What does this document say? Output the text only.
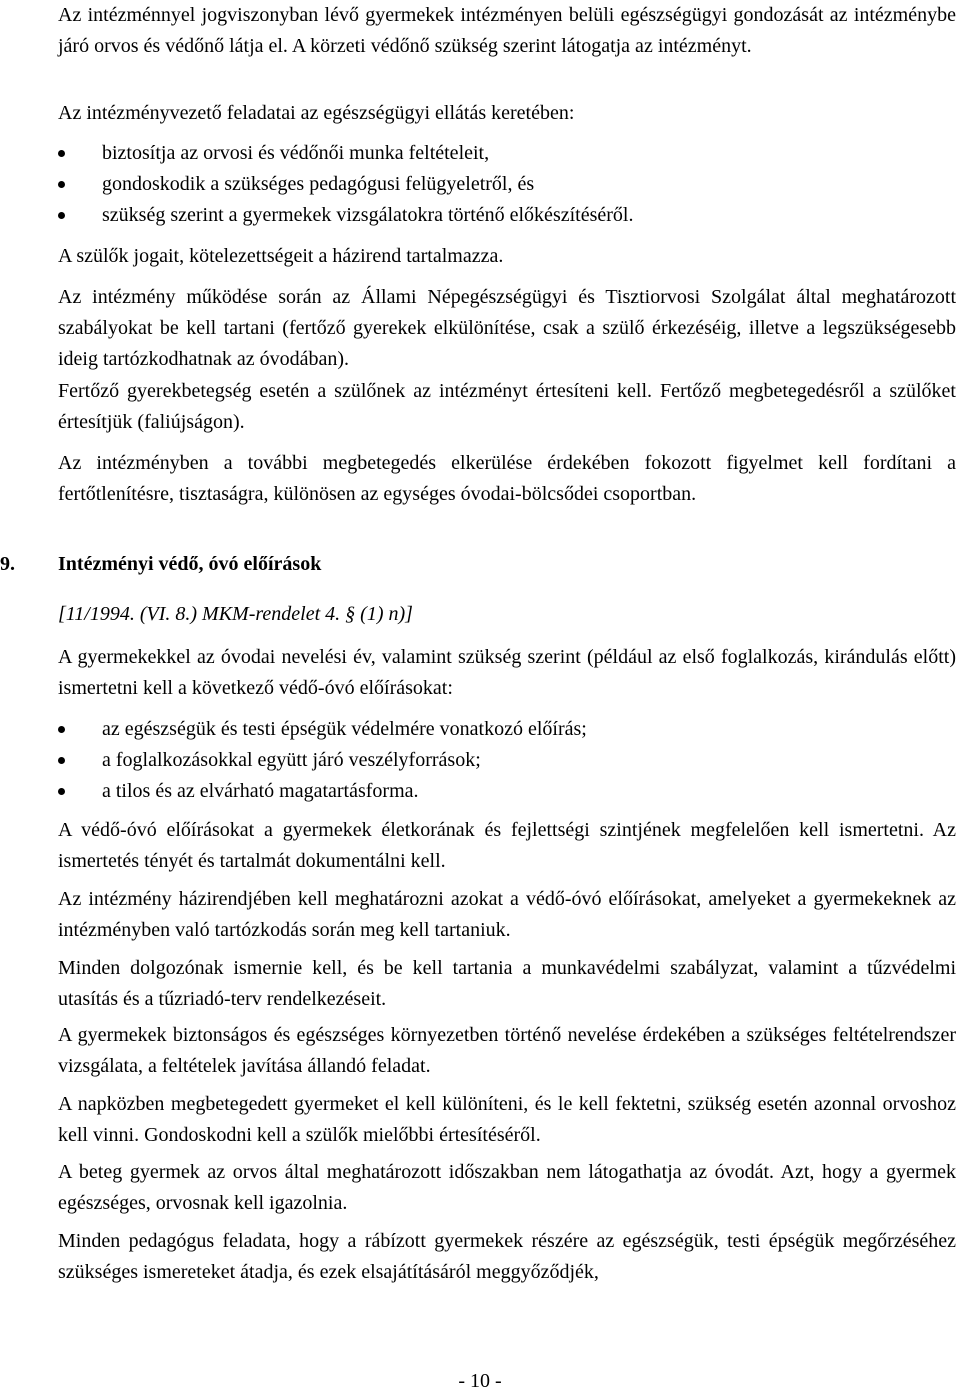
Az intézménnyel jogviszonyban lévő gyermekek intézményen belüli egészségügyi gondozását az intézménybe járó orvos és védőnő látja el. A körzeti védőnő szükség szerint látogatja az intézményt.

Az intézményvezető feladatai az egészségügyi ellátás keretében:

biztosítja az orvosi és védőnői munka feltételeit,
gondoskodik a szükséges pedagógusi felügyeletről, és
szükség szerint a gyermekek vizsgálatokra történő előkészítéséről.

A szülők jogait, kötelezettségeit a házirend tartalmazza.

Az intézmény működése során az Állami Népegészségügyi és Tisztiorvosi Szolgálat által meghatározott szabályokat be kell tartani (fertőző gyerekek elkülönítése, csak a szülő érkezéséig, illetve a legszükségesebb ideig tartózkodhatnak az óvodában).

Fertőző gyerekbetegség esetén a szülőnek az intézményt értesíteni kell. Fertőző megbetegedésről a szülőket értesítjük (faliújságon).

Az intézményben a további megbetegedés elkerülése érdekében fokozott figyelmet kell fordítani a fertőtlenítésre, tisztaságra, különösen az egységes óvodai-bölcsődei csoportban.

9. Intézményi védő, óvó előírások

[11/1994. (VI. 8.) MKM-rendelet 4. § (1) n)]

A gyermekekkel az óvodai nevelési év, valamint szükség szerint (például az első foglalkozás, kirándulás előtt) ismertetni kell a következő védő-óvó előírásokat:

az egészségük és testi épségük védelmére vonatkozó előírás;
a foglalkozásokkal együtt járó veszélyforrások;
a tilos és az elvárható magatartásforma.

A védő-óvó előírásokat a gyermekek életkorának és fejlettségi szintjének megfelelően kell ismertetni. Az ismertetés tényét és tartalmát dokumentálni kell.

Az intézmény házirendjében kell meghatározni azokat a védő-óvó előírásokat, amelyeket a gyermekeknek az intézményben való tartózkodás során meg kell tartaniuk.

Minden dolgozónak ismernie kell, és be kell tartania a munkavédelmi szabályzat, valamint a tűzvédelmi utasítás és a tűzriadó-terv rendelkezéseit.

A gyermekek biztonságos és egészséges környezetben történő nevelése érdekében a szükséges feltételrendszer vizsgálata, a feltételek javítása állandó feladat.

A napközben megbetegedett gyermeket el kell különíteni, és le kell fektetni, szükség esetén azonnal orvoshoz kell vinni. Gondoskodni kell a szülők mielőbbi értesítéséről.

A beteg gyermek az orvos által meghatározott időszakban nem látogathatja az óvodát. Azt, hogy a gyermek egészséges, orvosnak kell igazolnia.

Minden pedagógus feladata, hogy a rábízott gyermekek részére az egészségük, testi épségük megőrzéséhez szükséges ismereteket átadja, és ezek elsajátításáról meggyőződjék,

- 10 -
